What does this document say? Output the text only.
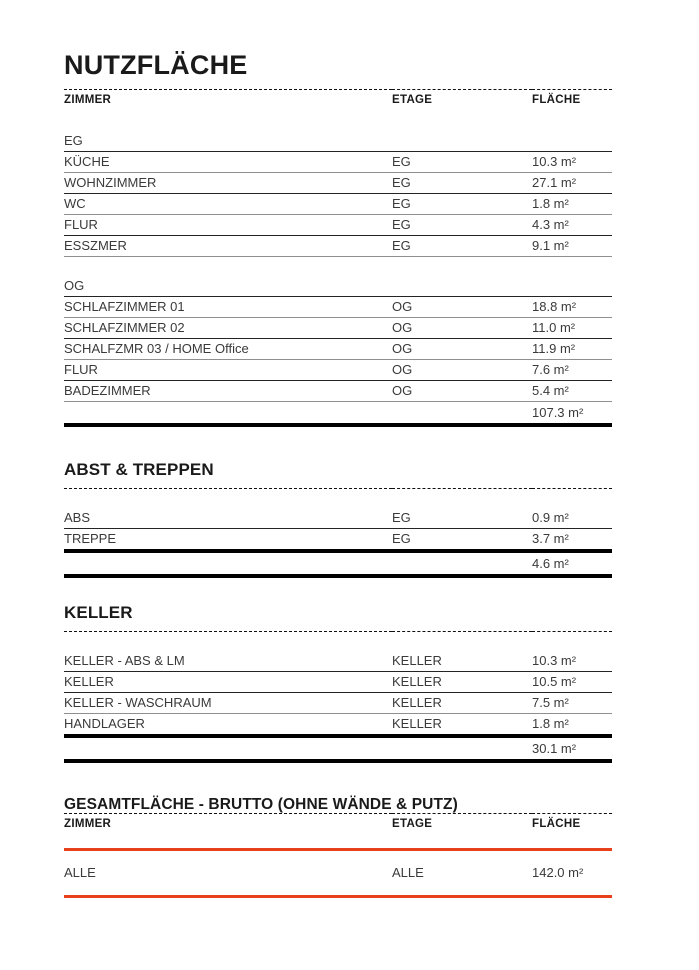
NUTZFLÄCHE

ZIMMER	ETAGE	FLÄCHE

EG		

KÜCHE	EG	10.3 m²

WOHNZIMMER	EG	27.1 m²

WC	EG	1.8 m²

FLUR	EG	4.3 m²

ESSZMER	EG	9.1 m²

OG		

SCHLAFZIMMER 01	OG	18.8 m²

SCHLAFZIMMER 02	OG	11.0 m²

SCHALFZMR 03 / HOME Office	OG	11.9 m²

FLUR	OG	7.6 m²

BADEZIMMER	OG	5.4 m²

		107.3 m²

ABST & TREPPEN

ABS	EG	0.9 m²

TREPPE	EG	3.7 m²

		4.6 m²

KELLER

KELLER - ABS & LM	KELLER	10.3 m²

KELLER	KELLER	10.5 m²

KELLER - WASCHRAUM	KELLER	7.5 m²

HANDLAGER	KELLER	1.8 m²

		30.1 m²

GESAMTFLÄCHE - BRUTTO (OHNE WÄNDE & PUTZ)

ZIMMER	ETAGE	FLÄCHE

ALLE	ALLE	142.0 m²
